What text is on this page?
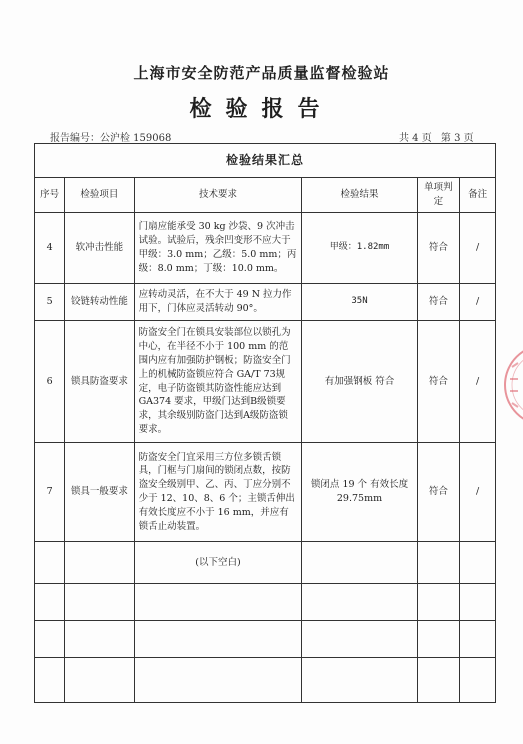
上海市安全防范产品质量监督检验站
检验报告
报告编号：公沪检 159068	共 4 页 第 3 页
检验结果汇总					
序号	检验项目	技术要求	检验结果	单项判定	备注
4	软冲击性能	门扇应能承受 30 kg 沙袋、9 次冲击试验。试验后，残余凹变形不应大于甲级：3.0 mm；乙级：5.0 mm；丙级：8.0 mm；丁级：10.0 mm。	甲级：1.82mm	符合	/
5	铰链转动性能	应转动灵活，在不大于 49 N 拉力作用下，门体应灵活转动 90°。	35N	符合	/
6	锁具防盗要求	防盗安全门在锁具安装部位以锁孔为中心，在半径不小于 100 mm 的范围内应有加强防护钢板；防盗安全门上的机械防盗锁应符合 GA/T 73规定，电子防盗锁其防盗性能应达到GA374 要求，甲级门达到B级锁要求，其余级别防盗门达到A级防盗锁要求。	有加强钢板 符合	符合	/
7	锁具一般要求	防盗安全门宜采用三方位多锁舌锁具，门框与门扇间的锁闭点数，按防盗安全级别甲、乙、丙、丁应分别不少于 12、10、8、6 个；主锁舌伸出有效长度应不小于 16 mm，并应有锁舌止动装置。	锁闭点 19 个 有效长度 29.75mm	符合	/
		(以下空白)			
